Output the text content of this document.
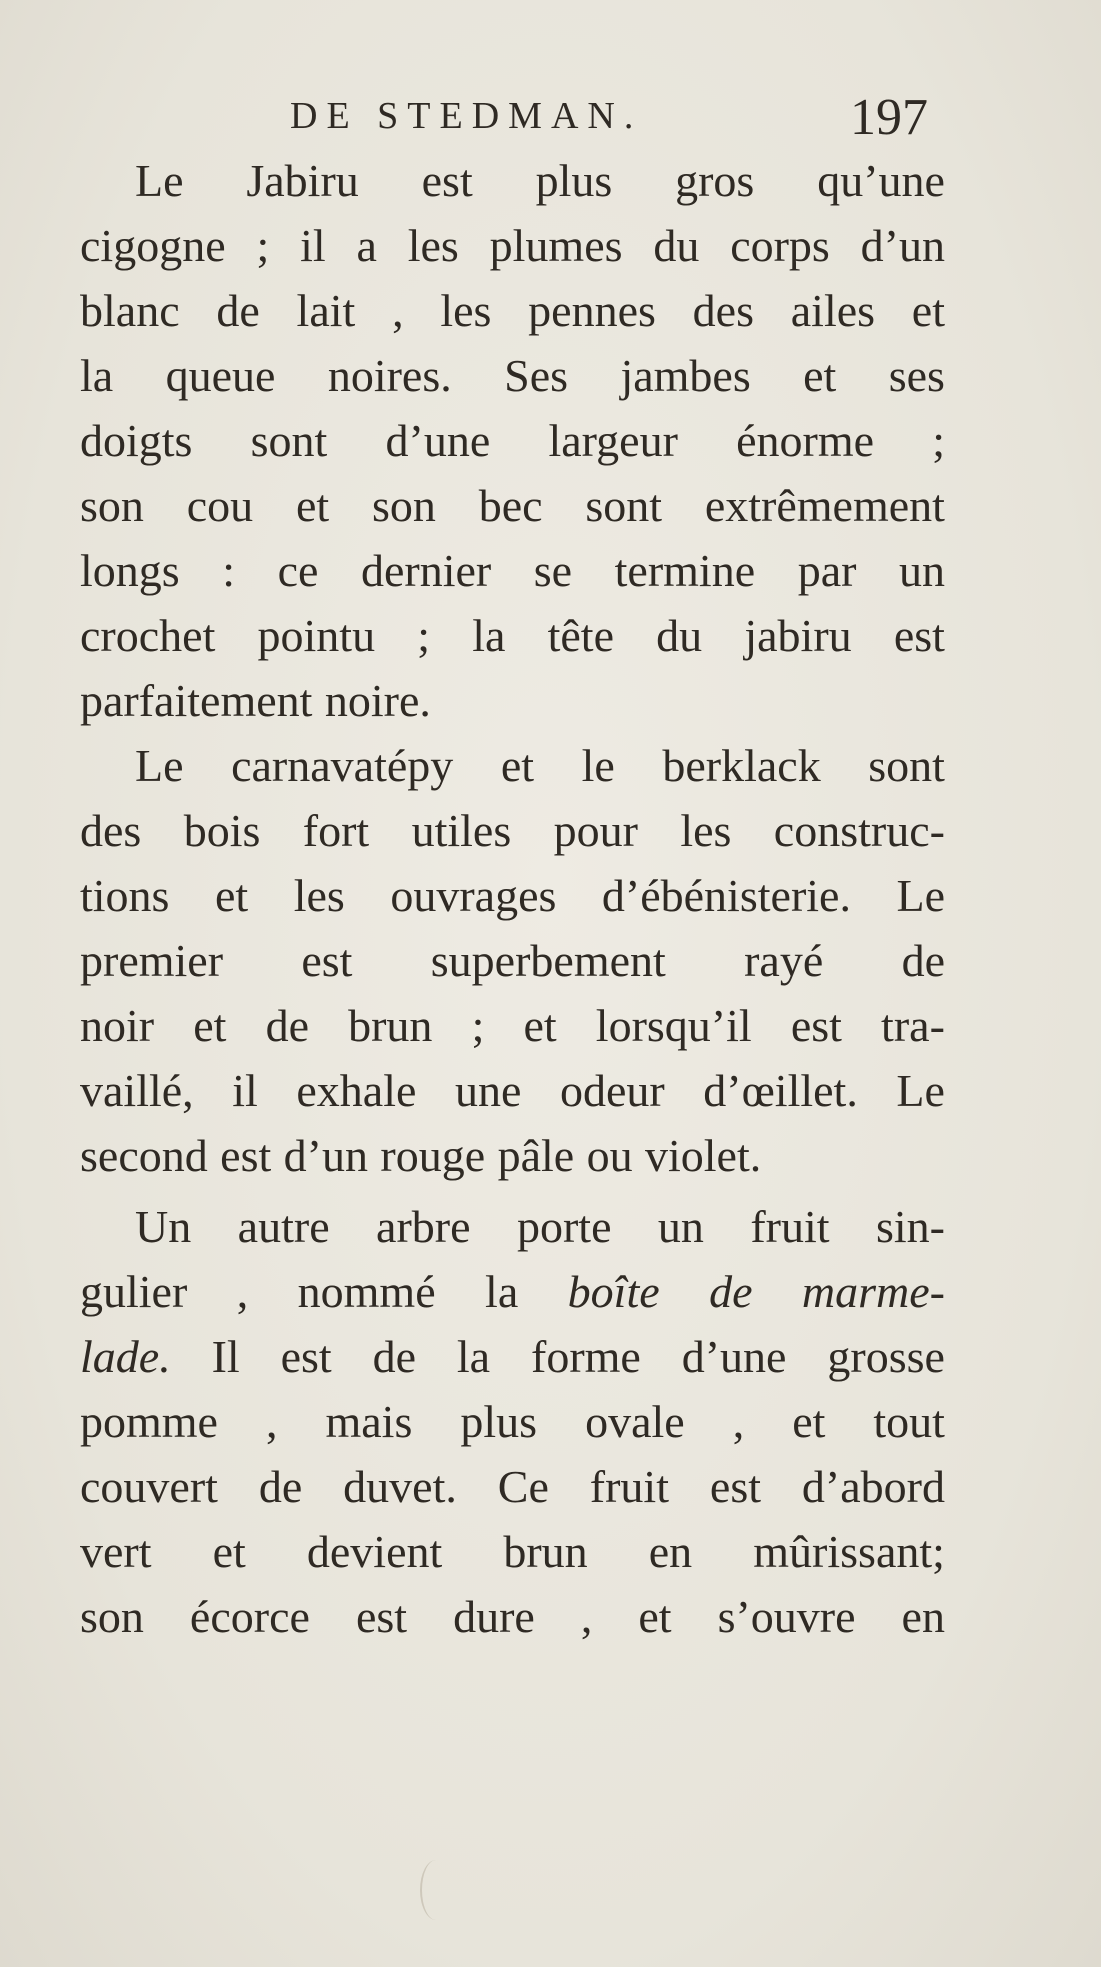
DE STEDMAN.	197
Le Jabiru est plus gros qu’une
cigogne ; il a les plumes du corps d’un
blanc de lait , les pennes des ailes et
la queue noires. Ses jambes et ses
doigts sont d’une largeur énorme ;
son cou et son bec sont extrêmement
longs : ce dernier se termine par un
crochet pointu ; la tête du jabiru est
parfaitement noire.
Le carnavatépy et le berklack sont
des bois fort utiles pour les construc-
tions et les ouvrages d’ébénisterie. Le
premier est superbement rayé de
noir et de brun ; et lorsqu’il est tra-
vaillé, il exhale une odeur d’œillet. Le
second est d’un rouge pâle ou violet.
Un autre arbre porte un fruit sin-
gulier , nommé la boîte de marme-
lade. Il est de la forme d’une grosse
pomme , mais plus ovale , et tout
couvert de duvet. Ce fruit est d’abord
vert et devient brun en mûrissant;
son écorce est dure , et s’ouvre en
